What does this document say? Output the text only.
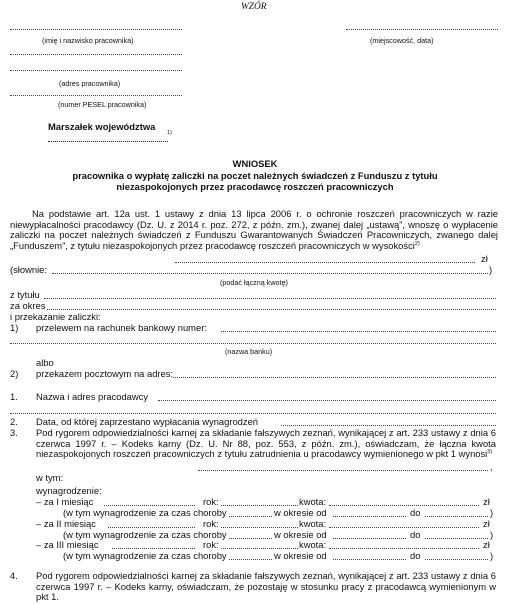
WZÓR
(imię i nazwisko pracownika)	(miejscowość, data)
(adres pracownika)
(numer PESEL pracownika)
Marszałek województwa
1)
WNIOSEK
pracownika o wypłatę zaliczki na poczet należnych świadczeń z Funduszu z tytułu
niezaspokojonych przez pracodawcę roszczeń pracowniczych
Na podstawie art. 12a ust. 1 ustawy z dnia 13 lipca 2006 r. o ochronie roszczeń pracowniczych w razie niewypłacalności pracodawcy (Dz. U. z 2014 r. poz. 272, z późn. zm.), zwanej dalej „ustawą”, wnoszę o wypłacenie zaliczki na poczet należnych świadczeń z Funduszu Gwarantowanych Świadczeń Pracowniczych, zwanego dalej „Funduszem”, z tytułu niezaspokojonych przez pracodawcę roszczeń pracowniczych w wysokości$^{2)}$
zł
(słownie:	)
(podać łączną kwotę)
z tytułu
za okres
i przekazanie zaliczki:
1) przelewem na rachunek bankowy numer:
(nazwa banku)
albo
2) przekazem pocztowym na adres:
1. Nazwa i adres pracodawcy
2. Data, od której zaprzestano wypłacania wynagrodzeń
3. Pod rygorem odpowiedzialności karnej za składanie fałszywych zeznań, wynikającej z art. 233 ustawy z dnia 6 czerwca 1997 r. – Kodeks karny (Dz. U. Nr 88, poz. 553, z późn. zm.), oświadczam, że łączna kwota niezaspokojonych roszczeń pracowniczych z tytułu zatrudnienia u pracodawcy wymienionego w pkt 1 wynosi$^{3)}$
,
w tym:
wynagrodzenie:
– za I miesiąc	rok:	kwota:	zł
(w tym wynagrodzenie za czas choroby	w okresie od	do	)
– za II miesiąc	rok:	kwota:	zł
(w tym wynagrodzenie za czas choroby	w okresie od	do	)
– za III miesiąc	rok:	kwota:	zł
(w tym wynagrodzenie za czas choroby	w okresie od	do	)
4. Pod rygorem odpowiedzialności karnej za składanie fałszywych zeznań, wynikającej z art. 233 ustawy z dnia 6 czerwca 1997 r. – Kodeks karny, oświadczam, że pozostaję w stosunku pracy z pracodawcą wymienionym w pkt 1.
